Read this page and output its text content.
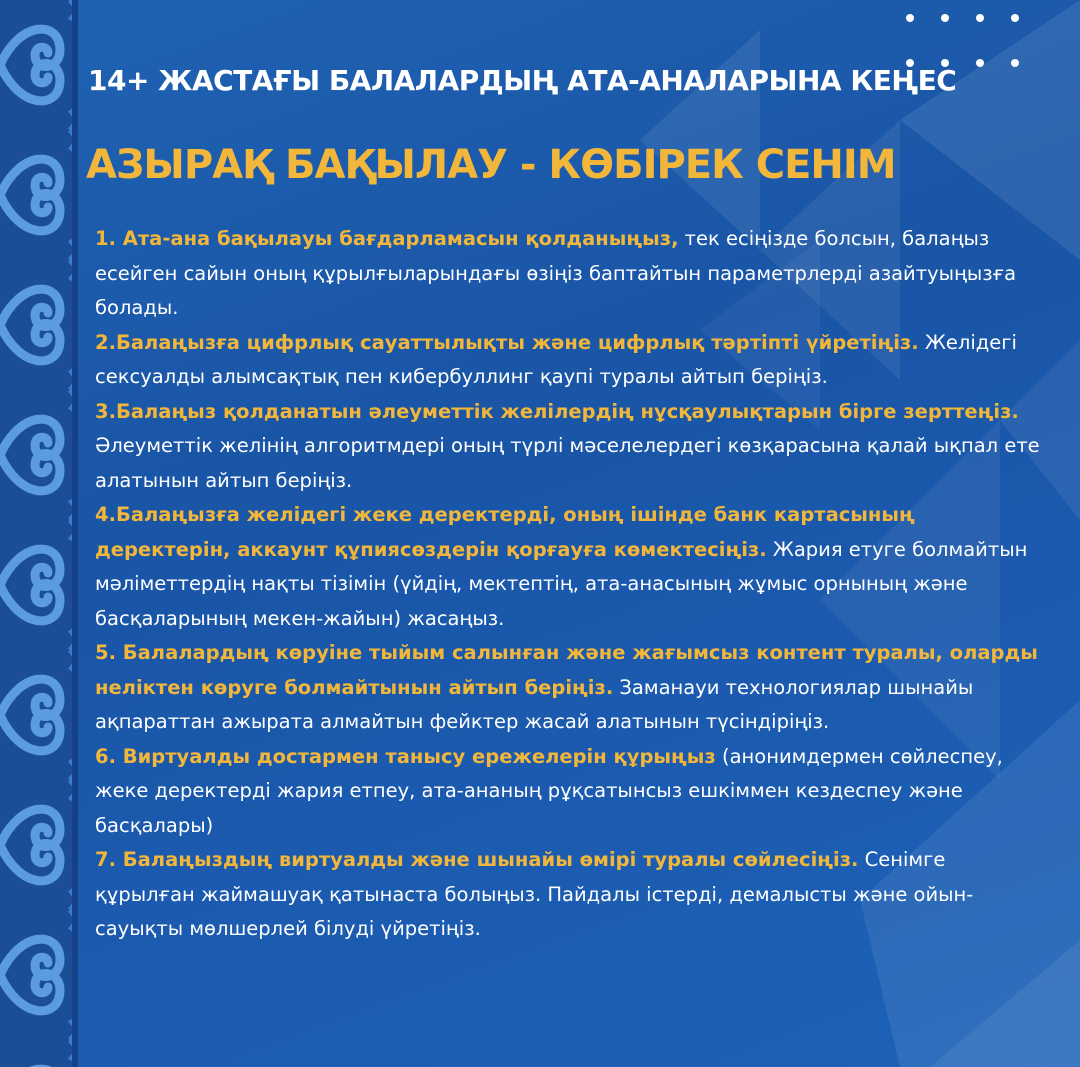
14+ ЖАСТАҒЫ БАЛАЛАРДЫҢ АТА-АНАЛАРЫНА КЕҢЕС
АЗЫРАҚ БАҚЫЛАУ - КӨБІРЕК СЕНІМ

1. Ата-ана бақылауы бағдарламасын қолданыңыз, тек есіңізде болсын, балаңыз есейген сайын оның құрылғыларындағы өзіңіз баптайтын параметрлерді азайтуыңызға болады.

2.Балаңызға цифрлық сауаттылықты және цифрлық тәртіпті үйретіңіз. Желідегі сексуалды алымсақтық пен кибербуллинг қаупі туралы айтып беріңіз.

3.Балаңыз қолданатын әлеуметтік желілердің нұсқаулықтарын бірге зерттеңіз. Әлеуметтік желінің алгоритмдері оның түрлі мәселелердегі көзқарасына қалай ықпал ете алатынын айтып беріңіз.

4.Балаңызға желідегі жеке деректерді, оның ішінде банк картасының деректерін, аккаунт құпиясөздерін қорғауға көмектесіңіз. Жария етуге болмайтын мәліметтердің нақты тізімін (үйдің, мектептің, ата-анасының жұмыс орнының және басқаларының мекен-жайын) жасаңыз.

5. Балалардың көруіне тыйым салынған және жағымсыз контент туралы, оларды неліктен көруге болмайтынын айтып беріңіз. Заманауи технологиялар шынайы ақпараттан ажырата алмайтын фейктер жасай алатынын түсіндіріңіз.

6. Виртуалды достармен танысу ережелерін құрыңыз (анонимдермен сөйлеспеу, жеке деректерді жария етпеу, ата-ананың рұқсатынсыз ешкіммен кездеспеу және басқалары)

7. Балаңыздың виртуалды және шынайы өмірі туралы сөйлесіңіз. Сенімге құрылған жаймашуақ қатынаста болыңыз. Пайдалы істерді, демалысты және ойын-сауықты мөлшерлей білуді үйретіңіз.
